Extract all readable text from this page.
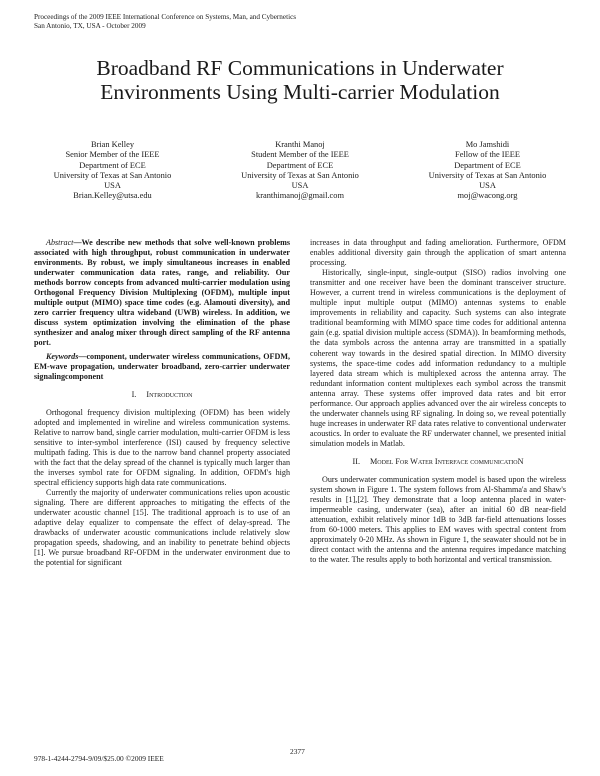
Proceedings of the 2009 IEEE International Conference on Systems, Man, and Cybernetics
San Antonio, TX, USA - October 2009
Broadband RF Communications in Underwater
Environments Using Multi-carrier Modulation
Brian Kelley
Senior Member of the IEEE
Department of ECE
University of Texas at San Antonio
USA
Brian.Kelley@utsa.edu
Kranthi Manoj
Student Member of the IEEE
Department of ECE
University of Texas at San Antonio
USA
kranthimanoj@gmail.com
Mo Jamshidi
Fellow of the IEEE
Department of ECE
University of Texas at San Antonio
USA
moj@wacong.org

Abstract—We describe new methods that solve well-known problems associated with high throughput, robust communication in underwater environments. By robust, we imply simultaneous increases in enabled underwater communication data rates, range, and reliability. Our methods borrow concepts from advanced multi-carrier modulation using Orthogonal Frequency Division Multiplexing (OFDM), multiple input multiple output (MIMO) space time codes (e.g. Alamouti diversity), and zero carrier frequency ultra wideband (UWB) wireless. In addition, we discuss system optimization involving the elimination of the phase synthesizer and analog mixer through direct sampling of the RF antenna port.

Keywords—component, underwater wireless communications, OFDM, EM-wave propagation, underwater broadband, zero-carrier underwater signalingcomponent

I. Introduction

Orthogonal frequency division multiplexing (OFDM) has been widely adopted and implemented in wireline and wireless communication systems. Relative to narrow band, single carrier modulation, multi-carrier OFDM is less sensitive to inter-symbol interference (ISI) caused by frequency selective multipath fading. This is due to the narrow band channel property associated with the fact that the delay spread of the channel is typically much larger than the inverses symbol rate for OFDM signaling. In addition, OFDM's high spectral efficiency supports high data rate communications.

Currently the majority of underwater communications relies upon acoustic signaling. There are different approaches to mitigating the effects of the underwater acoustic channel [15]. The traditional approach is to use of an adaptive delay equalizer to compensate the effect of delay-spread. The drawbacks of underwater acoustic communications include relatively slow propagation speeds, shadowing, and an inability to penetrate behind objects [1]. We pursue broadband RF-OFDM in the underwater environment due to the potential for significant

increases in data throughput and fading amelioration. Furthermore, OFDM enables additional diversity gain through the application of smart antenna processing.

Historically, single-input, single-output (SISO) radios involving one transmitter and one receiver have been the dominant transceiver structure. However, a current trend in wireless communications is the deployment of multiple input multiple output (MIMO) antennas systems to enable improvements in reliability and capacity. Such systems can also integrate traditional beamforming with MIMO space time codes for additional antenna gain (e.g. spatial division multiple access (SDMA)). In beamforming methods, the data symbols across the antenna array are transmitted in a spatially coherent way towards in the desired spatial direction. In MIMO diversity systems, the space-time codes add information redundancy to a multiple layered data stream which is multiplexed across the antenna array. The redundant information content multiplexes each symbol across the transmit antenna array. These systems offer improved data rates and bit error performance. Our approach applies advanced over the air wireless concepts to the underwater channels using RF signaling. In doing so, we reveal potentially huge increases in underwater RF data rates relative to conventional underwater acoustics. In order to evaluate the RF underwater channel, we presented initial simulation models in Matlab.

II. Model For Water Interface communicatioN

Ours underwater communication system model is based upon the wireless system shown in Figure 1. The system follows from Al-Shamma'a and Shaw's results in [1],[2]. They demonstrate that a loop antenna placed in water-impermeable casing, underwater (sea), after an initial 60 dB near-field attenuation, exhibit relatively minor 1dB to 3dB far-field attenuations losses from 60-1000 meters. This applies to EM waves with spectral content from approximately 0-20 MHz. As shown in Figure 1, the seawater should not be in direct contact with the antenna and the antenna requires impedance matching to the water. The results apply to both horizontal and vertical transmission.

2377
978-1-4244-2794-9/09/$25.00 ©2009 IEEE
